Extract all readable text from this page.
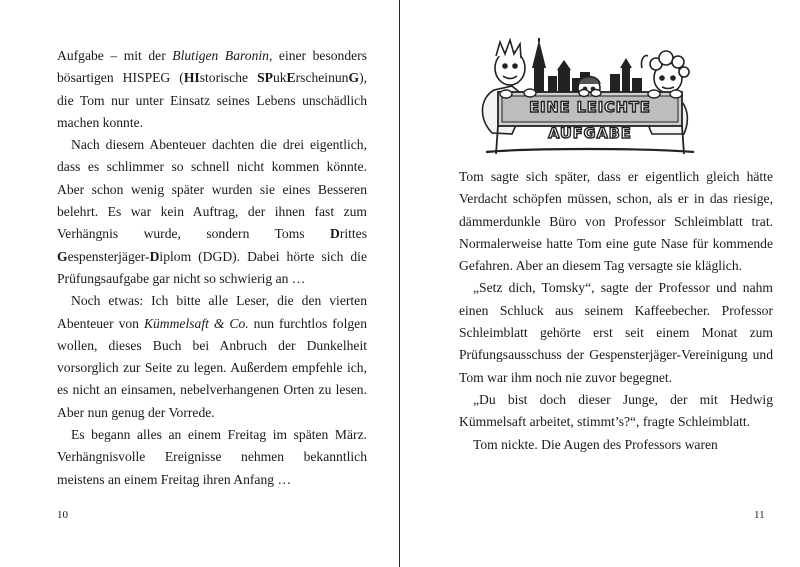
Aufgabe – mit der Blutigen Baronin, einer besonders bösartigen HISPEG (HIstorische SPukErscheinunG), die Tom nur unter Einsatz seines Lebens unschädlich machen konnte.

Nach diesem Abenteuer dachten die drei eigentlich, dass es schlimmer so schnell nicht kommen könnte. Aber schon wenig später wurden sie eines Besseren belehrt. Es war kein Auftrag, der ihnen fast zum Verhängnis wurde, sondern Toms Drittes Gespensterjäger-Diplom (DGD). Dabei hörte sich die Prüfungsaufgabe gar nicht so schwierig an …

Noch etwas: Ich bitte alle Leser, die den vierten Abenteuer von Kümmelsaft & Co. nun furchtlos folgen wollen, dieses Buch bei Anbruch der Dunkelheit vorsorglich zur Seite zu legen. Außerdem empfehle ich, es nicht an einsamen, nebelverhangenen Orten zu lesen. Aber nun genug der Vorrede.

Es begann alles an einem Freitag im späten März. Verhängnisvolle Ereignisse nehmen bekanntlich meistens an einem Freitag ihren Anfang …

10
EINE LEICHTE AUFGABE

Tom sagte sich später, dass er eigentlich gleich hätte Verdacht schöpfen müssen, schon, als er in das riesige, dämmerdunkle Büro von Professor Schleimblatt trat. Normalerweise hatte Tom eine gute Nase für kommende Gefahren. Aber an diesem Tag versagte sie kläglich.

„Setz dich, Tomsky“, sagte der Professor und nahm einen Schluck aus seinem Kaffeebecher. Professor Schleimblatt gehörte erst seit einem Monat zum Prüfungsausschuss der Gespensterjäger-Vereinigung und Tom war ihm noch nie zuvor begegnet.

„Du bist doch dieser Junge, der mit Hedwig Kümmelsaft arbeitet, stimmt’s?“, fragte Schleimblatt.

Tom nickte. Die Augen des Professors waren

11
